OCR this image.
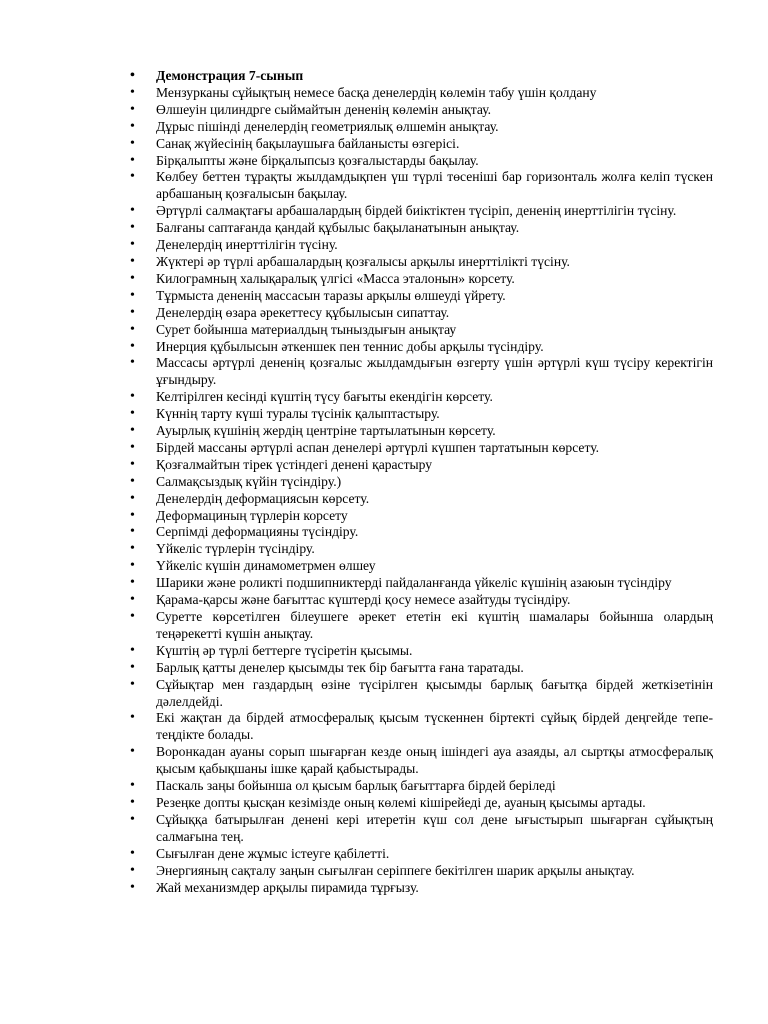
• Демонстрация 7-сынып
• Мензурканы сұйықтың немесе басқа денелердің көлемін табу үшін қолдану
• Өлшеуін цилиндрге сыймайтын дененің көлемін анықтау.
• Дұрыс пішінді денелердің геометриялық өлшемін анықтау.
• Санақ жүйесінің бақылаушыға байланысты өзгерісі.
• Бірқалыпты және бірқалыпсыз қозғалыстарды бақылау.
• Көлбеу беттен тұрақты жылдамдықпен үш түрлі төсеніші бар горизонталь жолға келіп түскен арбашаның қозғалысын бақылау.
• Әртүрлі салмақтағы арбашалардың бірдей биіктіктен түсіріп, дененің инерттілігін түсіну.
• Балғаны саптағанда қандай құбылыс бақыланатынын анықтау.
• Денелердің инерттілігін түсіну.
• Жүктері әр түрлі арбашалардың қозғалысы арқылы инерттілікті түсіну.
• Килограмның халықаралық үлгісі «Масса эталонын» корсету.
• Тұрмыста дененің массасын таразы арқылы өлшеуді үйрету.
• Денелердің өзара әрекеттесу құбылысын сипаттау.
• Сурет бойынша материалдың тыныздығын анықтау
• Инерция құбылысын әткеншек пен теннис добы арқылы түсіндіру.
• Массасы әртүрлі дененің қозғалыс жылдамдығын өзгерту үшін әртүрлі күш түсіру керектігін ұғындыру.
• Келтірілген кесінді күштің түсу бағыты екендігін көрсету.
• Күннің тарту күші туралы түсінік қалыптастыру.
• Ауырлық күшінің жердің центріне тартылатынын көрсету.
• Бірдей массаны әртүрлі аспан денелері әртүрлі күшпен тартатынын көрсету.
• Қозғалмайтын тірек үстіндегі денені қарастыру
• Салмақсыздық күйін түсіндіру.)
• Денелердің деформациясын көрсету.
• Деформациның түрлерін корсету
• Серпімді деформацияны түсіндіру.
• Үйкеліс түрлерін түсіндіру.
• Үйкеліс күшін динамометрмен өлшеу
• Шарики және роликті подшипниктерді пайдаланғанда үйкеліс күшінің азаюын түсіндіру
• Қарама-қарсы және бағыттас күштерді қосу немесе азайтуды түсіндіру.
• Суретте көрсетілген білеушеге әрекет ететін екі күштің шамалары бойынша олардың теңәрекетті күшін анықтау.
• Күштің әр түрлі беттерге түсіретін қысымы.
• Барлық қатты денелер қысымды тек бір бағытта ғана таратады.
• Сұйықтар мен газдардың өзіне түсірілген қысымды барлық бағытқа бірдей жеткізетінін дәлелдейді.
• Екі жақтан да бірдей атмосфералық қысым түскеннен біртекті сұйық бірдей деңгейде тепе-теңдікте болады.
• Воронкадан ауаны сорып шығарған кезде оның ішіндегі ауа азаяды, ал сыртқы атмосфералық қысым қабықшаны ішке қарай қабыстырады.
• Паскаль заңы бойынша ол қысым барлық бағыттарға бірдей беріледі
• Резеңке допты қысқан кезімізде оның көлемі кішірейеді де, ауаның қысымы артады.
• Сұйыққа батырылған денені кері итеретін күш сол дене ығыстырып шығарған сұйықтың салмағына тең.
• Сығылған дене жұмыс істеуге қабілетті.
• Энергияның сақталу заңын сығылған серіппеге бекітілген шарик арқылы анықтау.
• Жай механизмдер арқылы пирамида тұрғызу.
